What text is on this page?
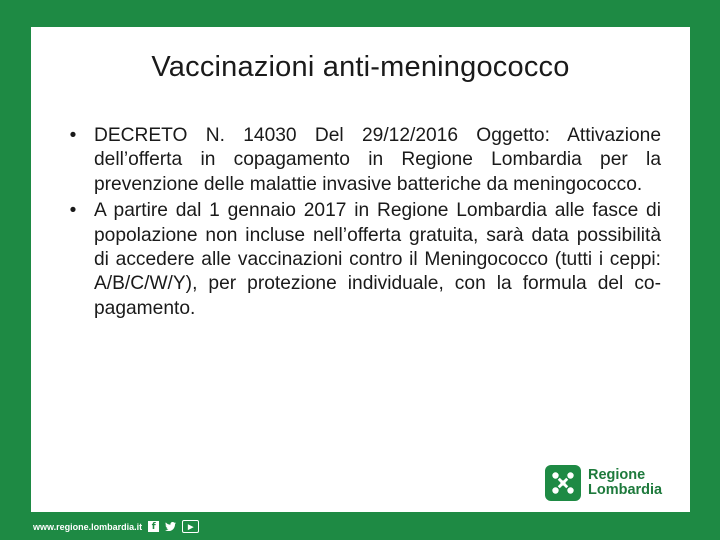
Vaccinazioni anti-meningococco
• DECRETO N. 14030 Del 29/12/2016 Oggetto: Attivazione dell’offerta in copagamento in Regione Lombardia per la prevenzione delle malattie invasive batteriche da meningococco.
• A partire dal 1 gennaio 2017 in Regione Lombardia alle fasce di popolazione non incluse nell’offerta gratuita, sarà data possibilità di accedere alle vaccinazioni contro il Meningococco (tutti i ceppi: A/B/C/W/Y), per protezione individuale, con la formula del co-pagamento.
Regione
Lombardia
www.regione.lombardia.it	f	▶
